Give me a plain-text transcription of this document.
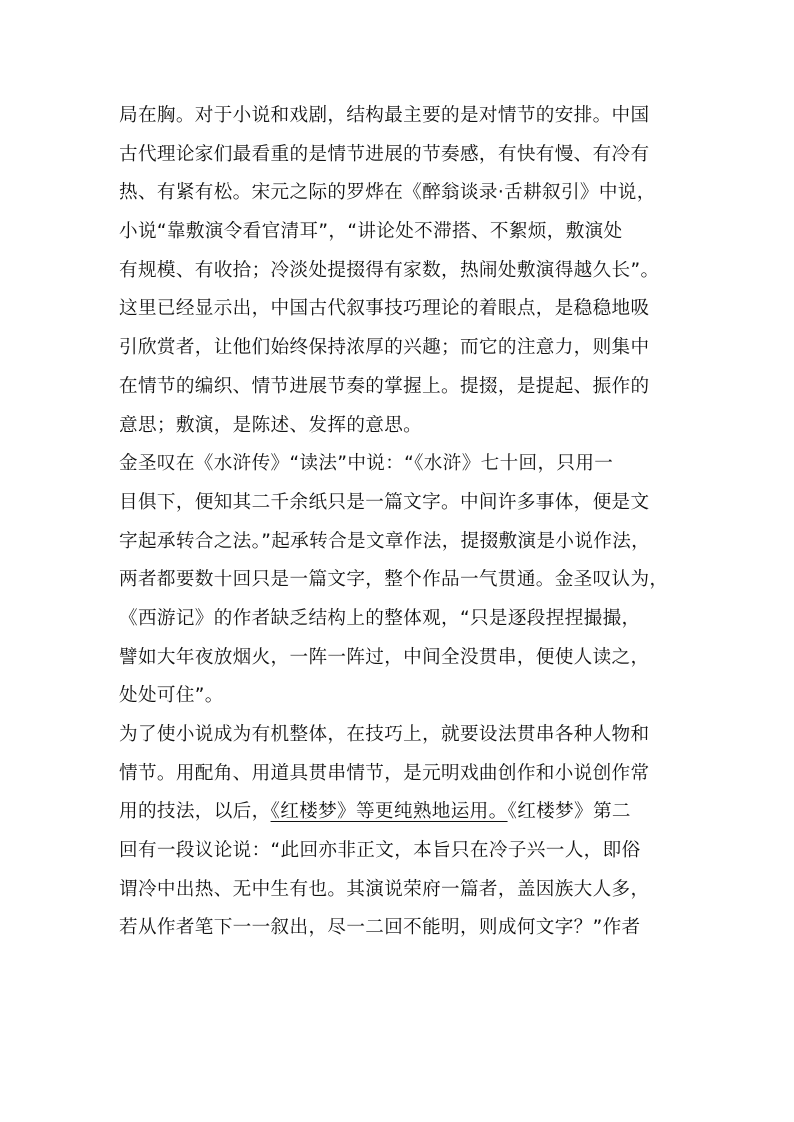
局在胸。对于小说和戏剧，结构最主要的是对情节的安排。中国
古代理论家们最看重的是情节进展的节奏感，有快有慢、有冷有
热、有紧有松。宋元之际的罗烨在《醉翁谈录·舌耕叙引》中说，
小说“靠敷演令看官清耳”，“讲论处不滞搭、不絮烦，敷演处
有规模、有收拾；冷淡处提掇得有家数，热闹处敷演得越久长”。
这里已经显示出，中国古代叙事技巧理论的着眼点，是稳稳地吸
引欣赏者，让他们始终保持浓厚的兴趣；而它的注意力，则集中
在情节的编织、情节进展节奏的掌握上。提掇，是提起、振作的
意思；敷演，是陈述、发挥的意思。
金圣叹在《水浒传》“读法”中说：“《水浒》七十回，只用一
目俱下，便知其二千余纸只是一篇文字。中间许多事体，便是文
字起承转合之法。”起承转合是文章作法，提掇敷演是小说作法，
两者都要数十回只是一篇文字，整个作品一气贯通。金圣叹认为，
《西游记》的作者缺乏结构上的整体观，“只是逐段捏捏撮撮，
譬如大年夜放烟火，一阵一阵过，中间全没贯串，便使人读之，
处处可住”。
为了使小说成为有机整体，在技巧上，就要设法贯串各种人物和
情节。用配角、用道具贯串情节，是元明戏曲创作和小说创作常
用的技法，以后，《红楼梦》等更纯熟地运用。《红楼梦》第二
回有一段议论说：“此回亦非正文，本旨只在冷子兴一人，即俗
谓冷中出热、无中生有也。其演说荣府一篇者，盖因族大人多，
若从作者笔下一一叙出，尽一二回不能明，则成何文字？”作者
